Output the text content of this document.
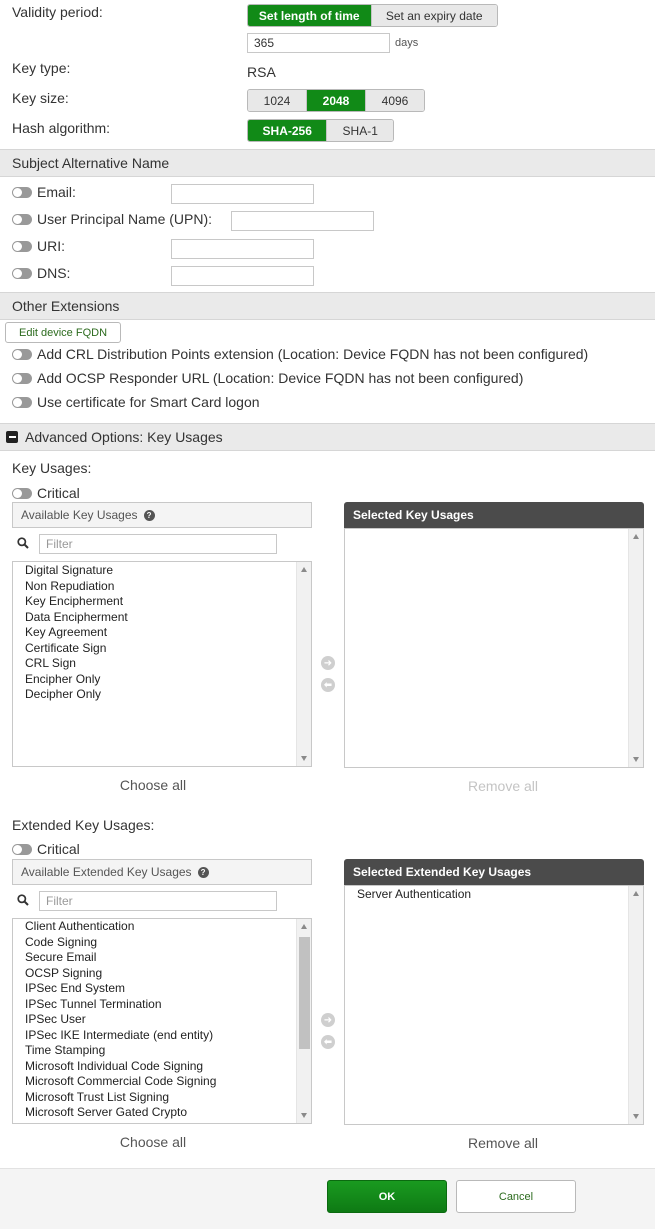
Validity period:	Set length of time	Set an expiry date
365	days
Key type:	RSA
Key size:	1024	2048	4096
Hash algorithm:	SHA-256	SHA-1
Subject Alternative Name
Email:
User Principal Name (UPN):
URI:
DNS:
Other Extensions
Edit device FQDN
Add CRL Distribution Points extension (Location: Device FQDN has not been configured)
Add OCSP Responder URL (Location: Device FQDN has not been configured)
Use certificate for Smart Card logon
Advanced Options: Key Usages
Key Usages:
Critical
Available Key Usages	?
Filter
Digital Signature
Non Repudiation
Key Encipherment
Data Encipherment
Key Agreement
Certificate Sign
CRL Sign
Encipher Only
Decipher Only
Selected Key Usages
➜
⬅
Choose all	Remove all
Extended Key Usages:
Critical
Available Extended Key Usages	?
Filter
Client Authentication
Code Signing
Secure Email
OCSP Signing
IPSec End System
IPSec Tunnel Termination
IPSec User
IPSec IKE Intermediate (end entity)
Time Stamping
Microsoft Individual Code Signing
Microsoft Commercial Code Signing
Microsoft Trust List Signing
Microsoft Server Gated Crypto
Selected Extended Key Usages
Server Authentication
➜
⬅
Choose all	Remove all
OK	Cancel
